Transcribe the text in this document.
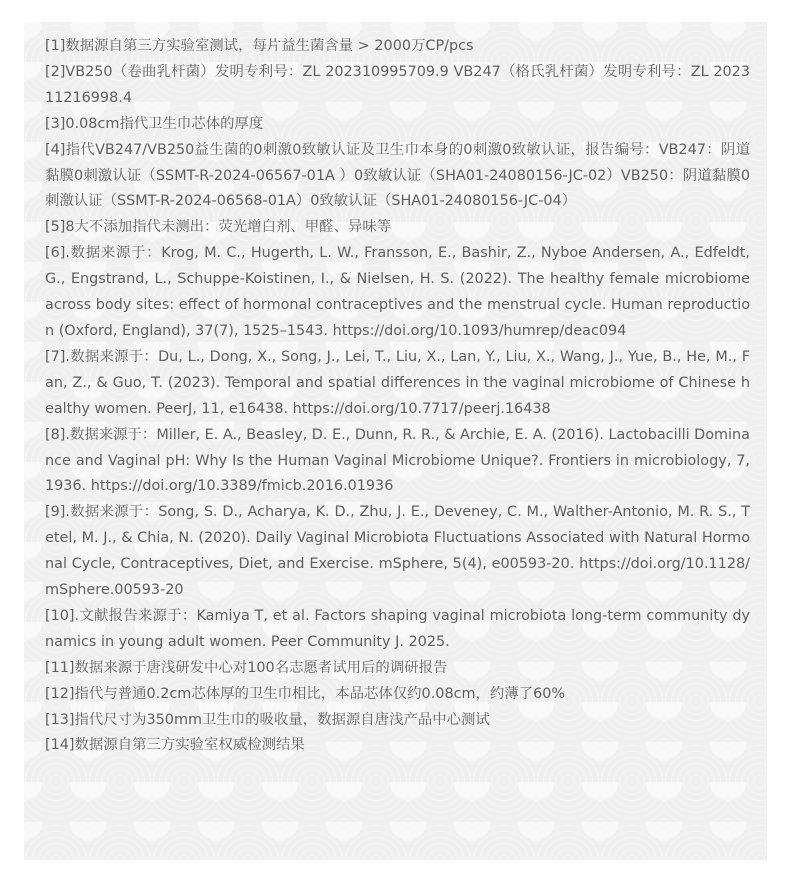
[1]数据源自第三方实验室测试，每片益生菌含量 > 2000万CP/pcs
[2]VB250（卷曲乳杆菌）发明专利号：ZL 202310995709.9 VB247（格氏乳杆菌）发明专利号：ZL 202311216998.4
[3]0.08cm指代卫生巾芯体的厚度
[4]指代VB247/VB250益生菌的0刺激0致敏认证及卫生巾本身的0刺激0致敏认证，报告编号：VB247：阴道黏膜0刺激认证（SSMT-R-2024-06567-01A ）0致敏认证（SHA01-24080156-JC-02）VB250：阴道黏膜0刺激认证（SSMT-R-2024-06568-01A）0致敏认证（SHA01-24080156-JC-04）
[5]8大不添加指代未测出：荧光增白剂、甲醛、异味等
[6].数据来源于：Krog, M. C., Hugerth, L. W., Fransson, E., Bashir, Z., Nyboe Andersen, A., Edfeldt, G., Engstrand, L., Schuppe-Koistinen, I., & Nielsen, H. S. (2022). The healthy female microbiome across body sites: effect of hormonal contraceptives and the menstrual cycle. Human reproduction (Oxford, England), 37(7), 1525–1543. https://doi.org/10.1093/humrep/deac094
[7].数据来源于：Du, L., Dong, X., Song, J., Lei, T., Liu, X., Lan, Y., Liu, X., Wang, J., Yue, B., He, M., Fan, Z., & Guo, T. (2023). Temporal and spatial differences in the vaginal microbiome of Chinese healthy women. PeerJ, 11, e16438. https://doi.org/10.7717/peerj.16438
[8].数据来源于：Miller, E. A., Beasley, D. E., Dunn, R. R., & Archie, E. A. (2016). Lactobacilli Dominance and Vaginal pH: Why Is the Human Vaginal Microbiome Unique?. Frontiers in microbiology, 7, 1936. https://doi.org/10.3389/fmicb.2016.01936
[9].数据来源于：Song, S. D., Acharya, K. D., Zhu, J. E., Deveney, C. M., Walther-Antonio, M. R. S., Tetel, M. J., & Chia, N. (2020). Daily Vaginal Microbiota Fluctuations Associated with Natural Hormonal Cycle, Contraceptives, Diet, and Exercise. mSphere, 5(4), e00593-20. https://doi.org/10.1128/mSphere.00593-20
[10].文献报告来源于：Kamiya T, et al. Factors shaping vaginal microbiota long-term community dynamics in young adult women. Peer Community J. 2025.
[11]数据来源于唐浅研发中心对100名志愿者试用后的调研报告
[12]指代与普通0.2cm芯体厚的卫生巾相比，本品芯体仅约0.08cm，约薄了60%
[13]指代尺寸为350mm卫生巾的吸收量，数据源自唐浅产品中心测试
[14]数据源自第三方实验室权威检测结果
